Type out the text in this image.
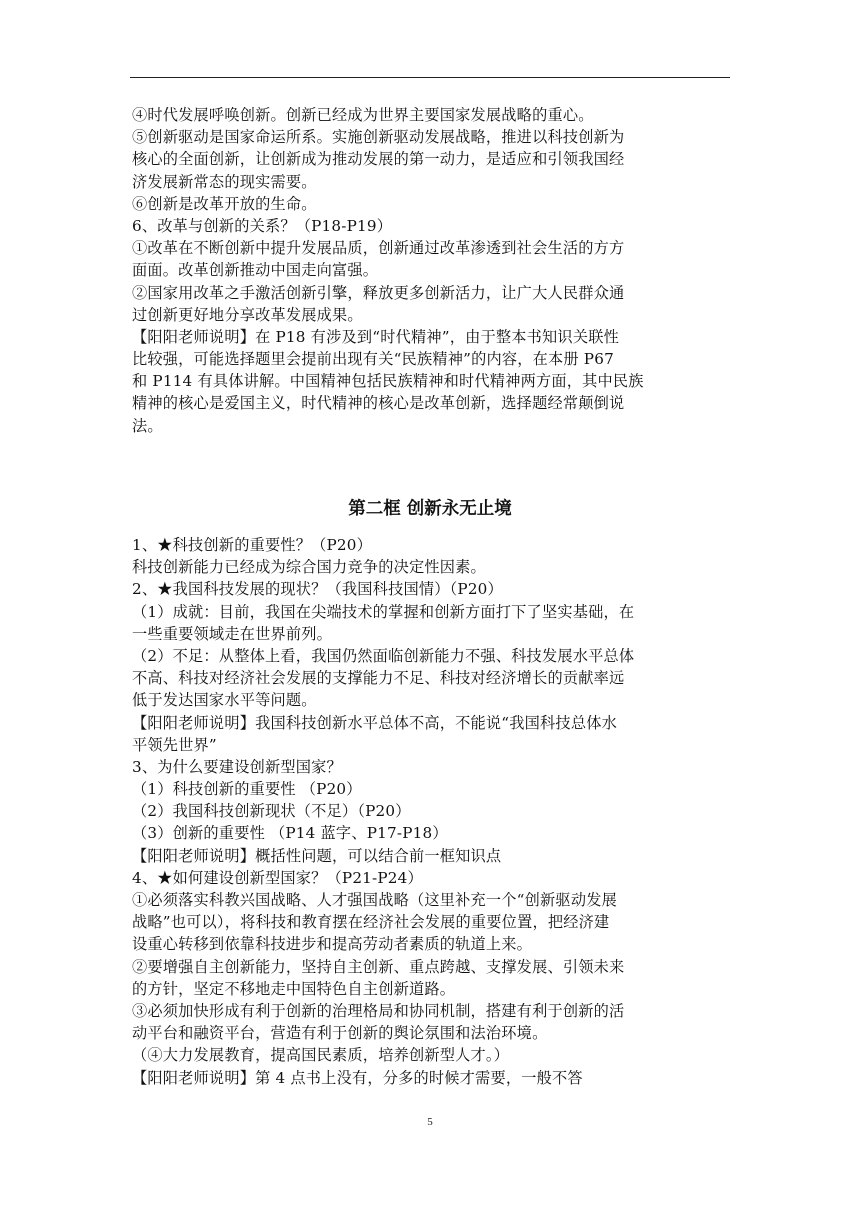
④时代发展呼唤创新。创新已经成为世界主要国家发展战略的重心。
⑤创新驱动是国家命运所系。实施创新驱动发展战略，推进以科技创新为
核心的全面创新，让创新成为推动发展的第一动力，是适应和引领我国经
济发展新常态的现实需要。
⑥创新是改革开放的生命。
6、改革与创新的关系？（P18-P19）
①改革在不断创新中提升发展品质，创新通过改革渗透到社会生活的方方
面面。改革创新推动中国走向富强。
②国家用改革之手激活创新引擎，释放更多创新活力，让广大人民群众通
过创新更好地分享改革发展成果。
【阳阳老师说明】在 P18 有涉及到“时代精神”，由于整本书知识关联性
比较强，可能选择题里会提前出现有关“民族精神”的内容，在本册 P67
和 P114 有具体讲解。中国精神包括民族精神和时代精神两方面，其中民族
精神的核心是爱国主义，时代精神的核心是改革创新，选择题经常颠倒说
法。
第二框 创新永无止境
1、★科技创新的重要性？（P20）
科技创新能力已经成为综合国力竞争的决定性因素。
2、★我国科技发展的现状？（我国科技国情）（P20）
（1）成就：目前，我国在尖端技术的掌握和创新方面打下了坚实基础，在
一些重要领域走在世界前列。
（2）不足：从整体上看，我国仍然面临创新能力不强、科技发展水平总体
不高、科技对经济社会发展的支撑能力不足、科技对经济增长的贡献率远
低于发达国家水平等问题。
【阳阳老师说明】我国科技创新水平总体不高，不能说“我国科技总体水
平领先世界”
3、为什么要建设创新型国家？
（1）科技创新的重要性 （P20）
（2）我国科技创新现状（不足）（P20）
（3）创新的重要性 （P14 蓝字、P17-P18）
【阳阳老师说明】概括性问题，可以结合前一框知识点
4、★如何建设创新型国家？（P21-P24）
①必须落实科教兴国战略、人才强国战略（这里补充一个“创新驱动发展
战略”也可以），将科技和教育摆在经济社会发展的重要位置，把经济建
设重心转移到依靠科技进步和提高劳动者素质的轨道上来。
②要增强自主创新能力，坚持自主创新、重点跨越、支撑发展、引领未来
的方针，坚定不移地走中国特色自主创新道路。
③必须加快形成有利于创新的治理格局和协同机制，搭建有利于创新的活
动平台和融资平台，营造有利于创新的舆论氛围和法治环境。
（④大力发展教育，提高国民素质，培养创新型人才。）
【阳阳老师说明】第 4 点书上没有，分多的时候才需要，一般不答
5
